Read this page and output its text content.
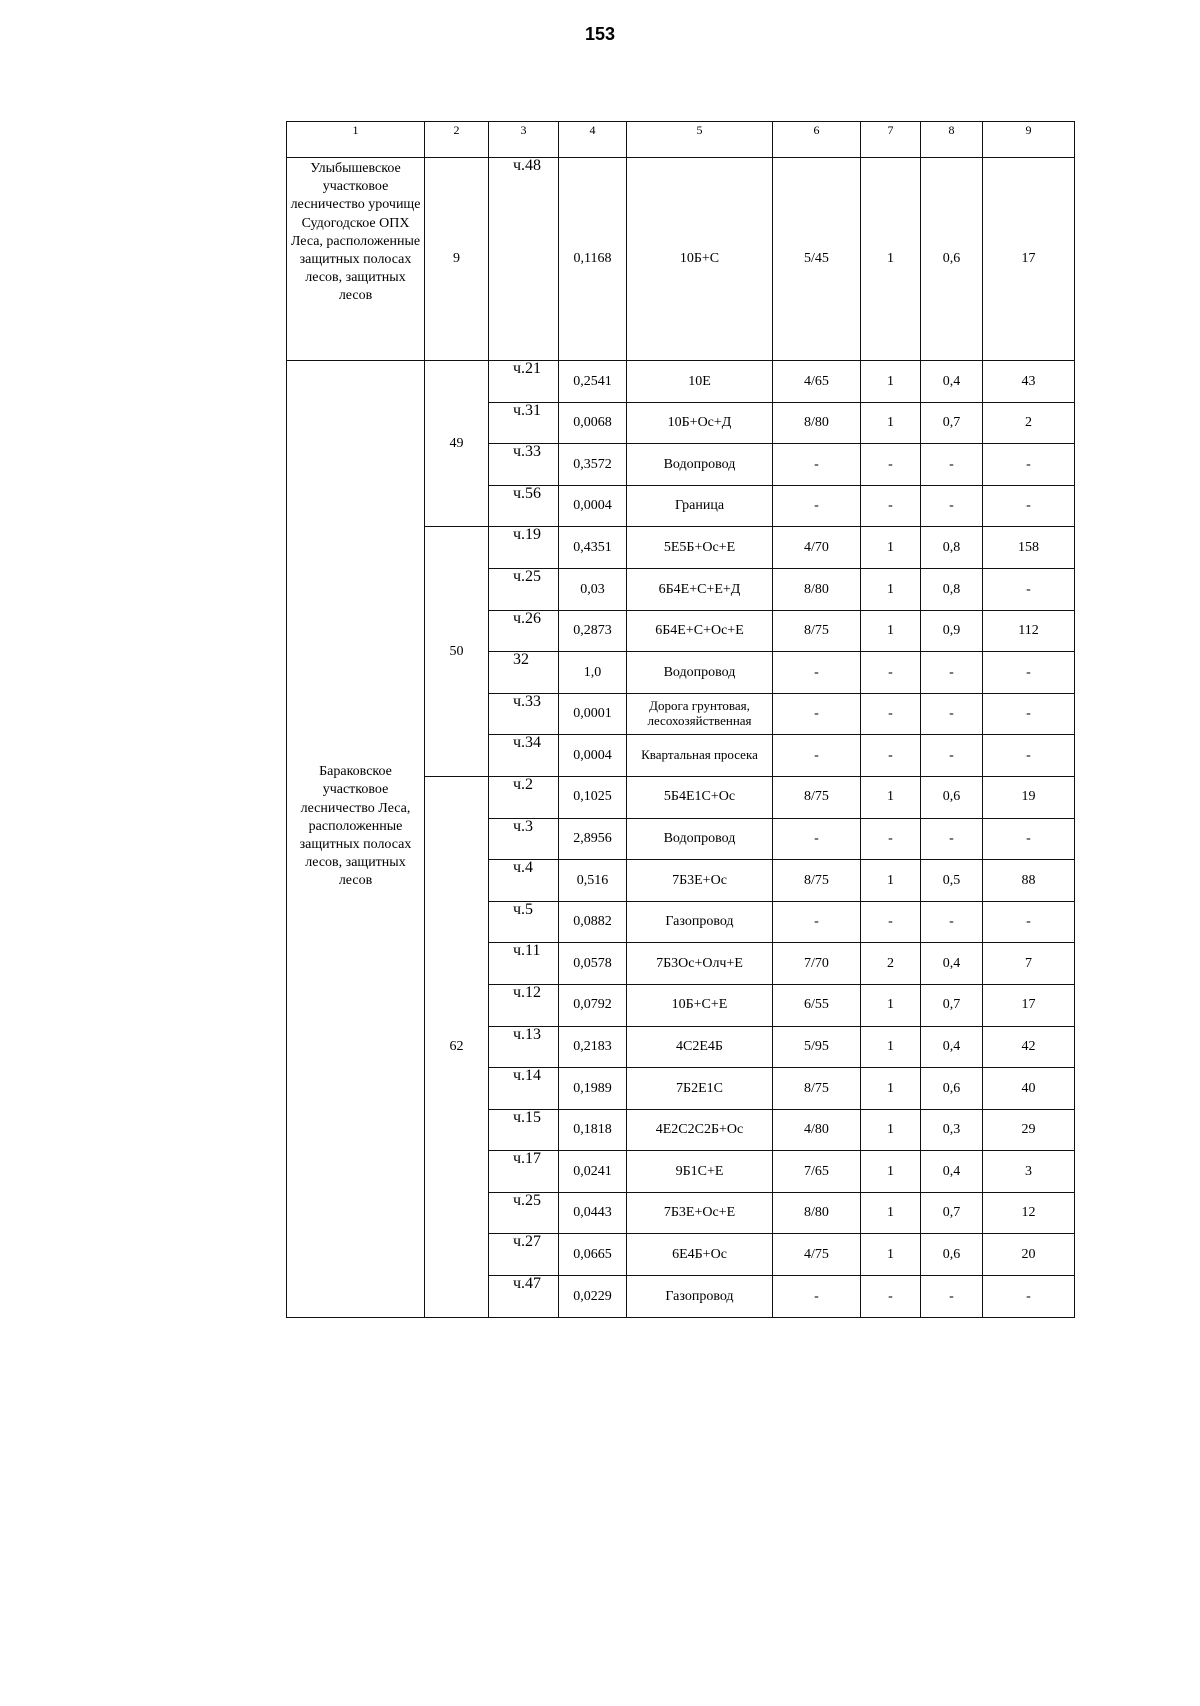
153
1	2	3	4	5	6	7	8	9
Улыбышевское участковое лесничество урочище Судогодское ОПХ Леса, расположенные защитных полосах лесов, защитных лесов	9	ч.48	0,1168	10Б+С	5/45	1	0,6	17
Бараковское участковое лесничество Леса, расположенные защитных полосах лесов, защитных лесов	49	ч.21	0,2541	10Е	4/65	1	0,4	43
		ч.31	0,0068	10Б+Ос+Д	8/80	1	0,7	2
		ч.33	0,3572	Водопровод	-	-	-	-
		ч.56	0,0004	Граница	-	-	-	-
	50	ч.19	0,4351	5Е5Б+Ос+Е	4/70	1	0,8	158
		ч.25	0,03	6Б4Е+С+Е+Д	8/80	1	0,8	-
		ч.26	0,2873	6Б4Е+С+Ос+Е	8/75	1	0,9	112
		32	1,0	Водопровод	-	-	-	-
		ч.33	0,0001	Дорога грунтовая, лесохозяйственная	-	-	-	-
		ч.34	0,0004	Квартальная просека	-	-	-	-
	62	ч.2	0,1025	5Б4Е1С+Ос	8/75	1	0,6	19
		ч.3	2,8956	Водопровод	-	-	-	-
		ч.4	0,516	7Б3Е+Ос	8/75	1	0,5	88
		ч.5	0,0882	Газопровод	-	-	-	-
		ч.11	0,0578	7Б3Ос+Олч+Е	7/70	2	0,4	7
		ч.12	0,0792	10Б+С+Е	6/55	1	0,7	17
		ч.13	0,2183	4С2Е4Б	5/95	1	0,4	42
		ч.14	0,1989	7Б2Е1С	8/75	1	0,6	40
		ч.15	0,1818	4Е2С2С2Б+Ос	4/80	1	0,3	29
		ч.17	0,0241	9Б1С+Е	7/65	1	0,4	3
		ч.25	0,0443	7Б3Е+Ос+Е	8/80	1	0,7	12
		ч.27	0,0665	6Е4Б+Ос	4/75	1	0,6	20
		ч.47	0,0229	Газопровод	-	-	-	-
